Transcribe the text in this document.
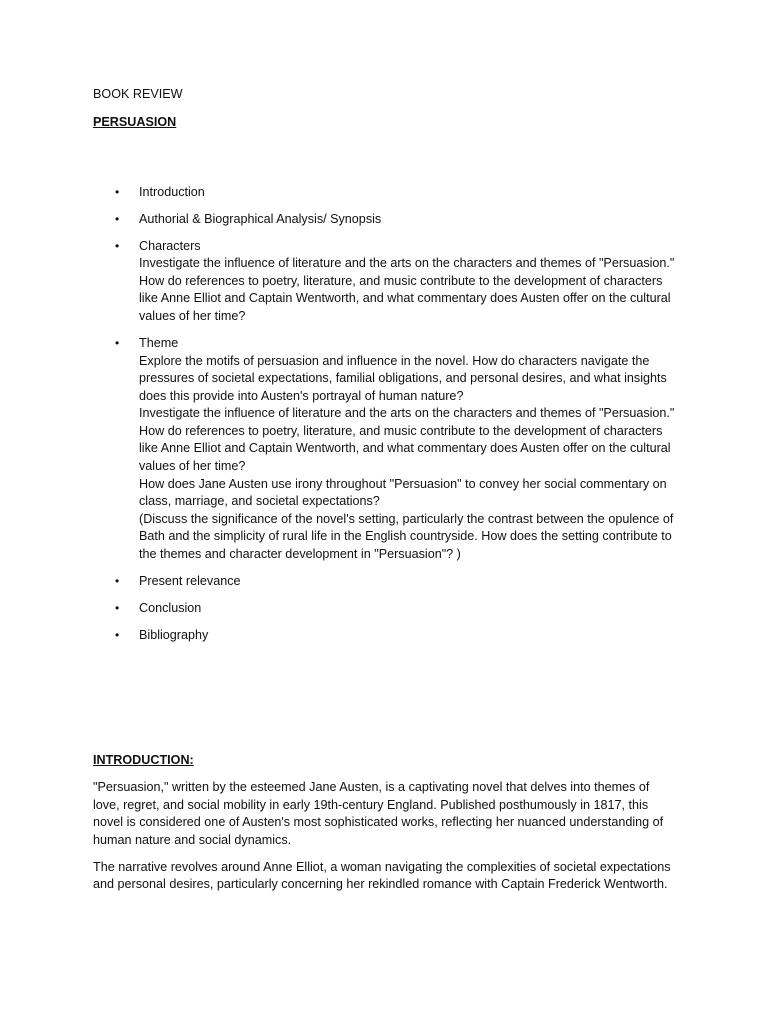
BOOK REVIEW

PERSUASION

• Introduction

• Authorial & Biographical Analysis/ Synopsis

• Characters

Investigate the influence of literature and the arts on the characters and themes of "Persuasion." How do references to poetry, literature, and music contribute to the development of characters like Anne Elliot and Captain Wentworth, and what commentary does Austen offer on the cultural values of her time?

• Theme

Explore the motifs of persuasion and influence in the novel. How do characters navigate the pressures of societal expectations, familial obligations, and personal desires, and what insights does this provide into Austen's portrayal of human nature?

Investigate the influence of literature and the arts on the characters and themes of "Persuasion." How do references to poetry, literature, and music contribute to the development of characters like Anne Elliot and Captain Wentworth, and what commentary does Austen offer on the cultural values of her time?

How does Jane Austen use irony throughout "Persuasion" to convey her social commentary on class, marriage, and societal expectations?

(Discuss the significance of the novel's setting, particularly the contrast between the opulence of Bath and the simplicity of rural life in the English countryside. How does the setting contribute to the themes and character development in "Persuasion"? )

• Present relevance

• Conclusion

• Bibliography

INTRODUCTION:

"Persuasion," written by the esteemed Jane Austen, is a captivating novel that delves into themes of love, regret, and social mobility in early 19th-century England. Published posthumously in 1817, this novel is considered one of Austen's most sophisticated works, reflecting her nuanced understanding of human nature and social dynamics.

The narrative revolves around Anne Elliot, a woman navigating the complexities of societal expectations and personal desires, particularly concerning her rekindled romance with Captain Frederick Wentworth.
